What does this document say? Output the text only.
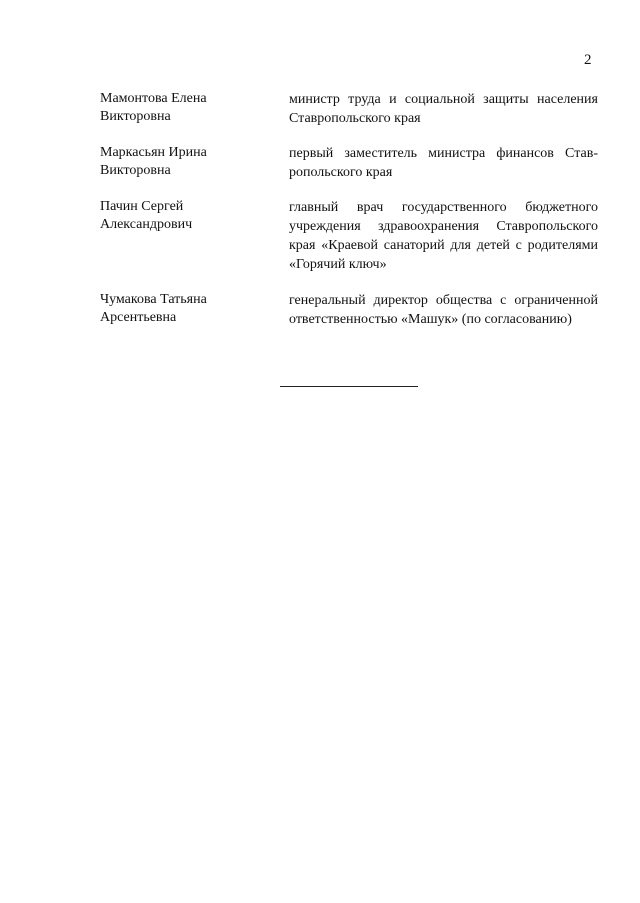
2
Мамонтова Елена
Викторовна
министр труда и социальной защиты населения Ставропольского края
Маркасьян Ирина
Викторовна
первый заместитель министра финансов Ставропольского края
Пачин Сергей
Александрович
главный врач государственного бюджетного учреждения здравоохранения Ставропольского края «Краевой санаторий для детей с родителями «Горячий ключ»
Чумакова Татьяна
Арсентьевна
генеральный директор общества с ограниченной ответственностью «Машук» (по согласованию)
